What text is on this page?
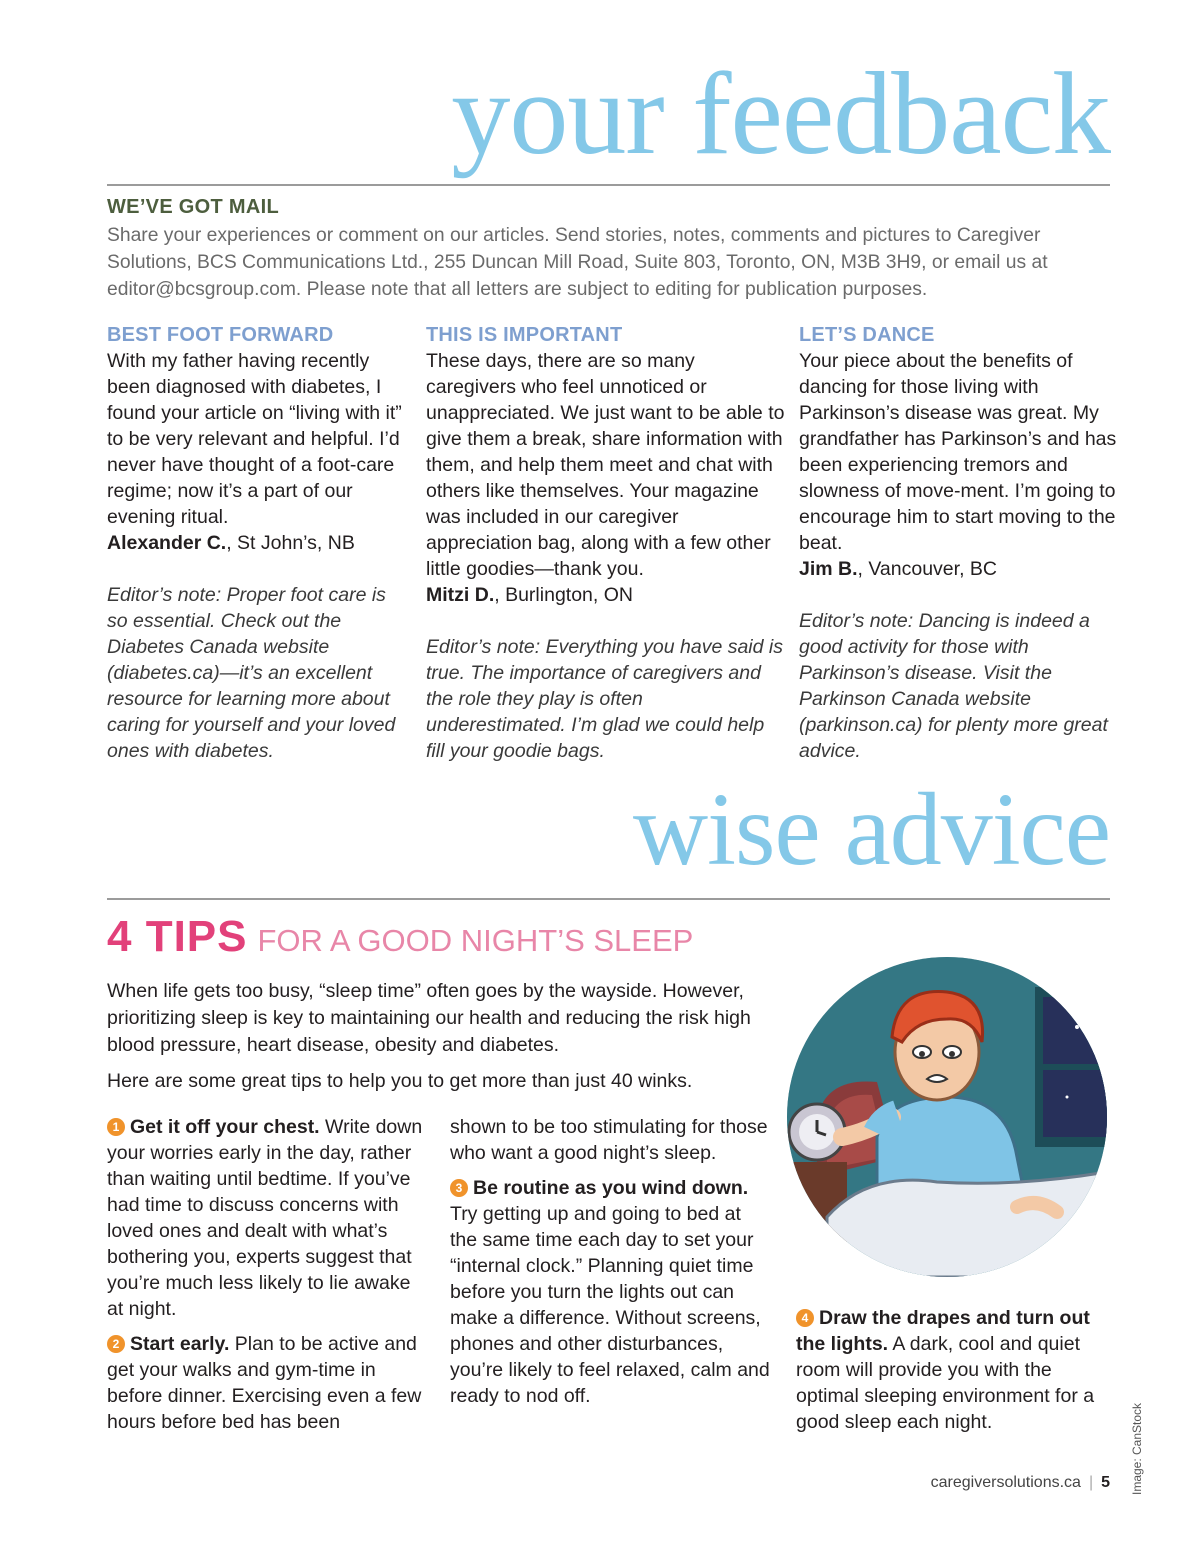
your feedback
WE’VE GOT MAIL
Share your experiences or comment on our articles. Send stories, notes, comments and pictures to Caregiver Solutions, BCS Communications Ltd., 255 Duncan Mill Road, Suite 803, Toronto, ON, M3B 3H9, or email us at editor@bcsgroup.com. Please note that all letters are subject to editing for publication purposes.
BEST FOOT FORWARD

With my father having recently been diagnosed with diabetes, I found your article on “living with it” to be very relevant and helpful. I’d never have thought of a foot-care regime; now it’s a part of our evening ritual.

Alexander C., St John’s, NB

Editor’s note: Proper foot care is so essential. Check out the Diabetes Canada website (diabetes.ca)—it’s an excellent resource for learning more about caring for yourself and your loved ones with diabetes.

THIS IS IMPORTANT

These days, there are so many caregivers who feel unnoticed or unappreciated. We just want to be able to give them a break, share information with them, and help them meet and chat with others like themselves. Your magazine was included in our caregiver appreciation bag, along with a few other little goodies—thank you.

Mitzi D., Burlington, ON

Editor’s note: Everything you have said is true. The importance of caregivers and the role they play is often underestimated. I’m glad we could help fill your goodie bags.

LET’S DANCE

Your piece about the benefits of dancing for those living with Parkinson’s disease was great. My grandfather has Parkinson’s and has been experiencing tremors and slowness of move-ment. I’m going to encourage him to start moving to the beat.

Jim B., Vancouver, BC

Editor’s note: Dancing is indeed a good activity for those with Parkinson’s disease. Visit the Parkinson Canada website (parkinson.ca) for plenty more great advice.

wise advice
4 TIPS FOR A GOOD NIGHT’S SLEEP

When life gets too busy, “sleep time” often goes by the wayside. However, prioritizing sleep is key to maintaining our health and reducing the risk high blood pressure, heart disease, obesity and diabetes.

Here are some great tips to help you to get more than just 40 winks.

1 Get it off your chest. Write down your worries early in the day, rather than waiting until bedtime. If you’ve had time to discuss concerns with loved ones and dealt with what’s bothering you, experts suggest that you’re much less likely to lie awake at night.

2 Start early. Plan to be active and get your walks and gym-time in before dinner. Exercising even a few hours before bed has been

shown to be too stimulating for those who want a good night’s sleep.

3 Be routine as you wind down. Try getting up and going to bed at the same time each day to set your “internal clock.” Planning quiet time before you turn the lights out can make a difference. Without screens, phones and other disturbances, you’re likely to feel relaxed, calm and ready to nod off.

4 Draw the drapes and turn out the lights. A dark, cool and quiet room will provide you with the optimal sleeping environment for a good sleep each night.	Image: CanStock
caregiversolutions.ca | 5
